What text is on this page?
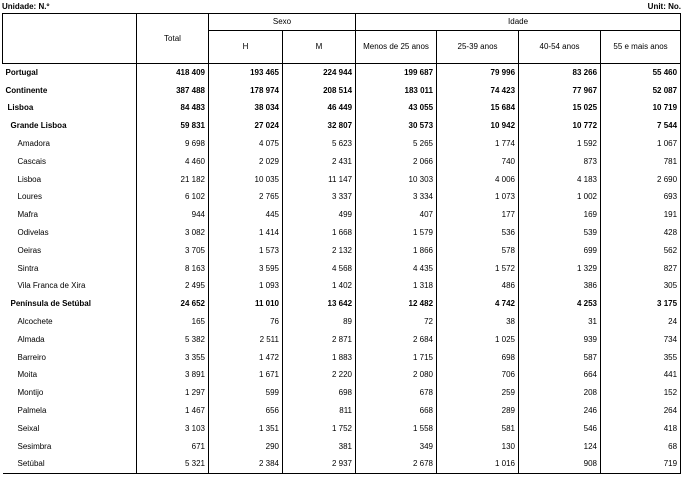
Unidade: N.º	Unit: No.
	Total	Sexo		Idade			
		H	M	Menos de 25 anos	25-39 anos	40-54 anos	55 e mais anos
Portugal	418 409	193 465	224 944	199 687	79 996	83 266	55 460
Continente	387 488	178 974	208 514	183 011	74 423	77 967	52 087
Lisboa	84 483	38 034	46 449	43 055	15 684	15 025	10 719
Grande Lisboa	59 831	27 024	32 807	30 573	10 942	10 772	7 544
Amadora	9 698	4 075	5 623	5 265	1 774	1 592	1 067
Cascais	4 460	2 029	2 431	2 066	740	873	781
Lisboa	21 182	10 035	11 147	10 303	4 006	4 183	2 690
Loures	6 102	2 765	3 337	3 334	1 073	1 002	693
Mafra	944	445	499	407	177	169	191
Odivelas	3 082	1 414	1 668	1 579	536	539	428
Oeiras	3 705	1 573	2 132	1 866	578	699	562
Sintra	8 163	3 595	4 568	4 435	1 572	1 329	827
Vila Franca de Xira	2 495	1 093	1 402	1 318	486	386	305
Península de Setúbal	24 652	11 010	13 642	12 482	4 742	4 253	3 175
Alcochete	165	76	89	72	38	31	24
Almada	5 382	2 511	2 871	2 684	1 025	939	734
Barreiro	3 355	1 472	1 883	1 715	698	587	355
Moita	3 891	1 671	2 220	2 080	706	664	441
Montijo	1 297	599	698	678	259	208	152
Palmela	1 467	656	811	668	289	246	264
Seixal	3 103	1 351	1 752	1 558	581	546	418
Sesimbra	671	290	381	349	130	124	68
Setúbal	5 321	2 384	2 937	2 678	1 016	908	719
